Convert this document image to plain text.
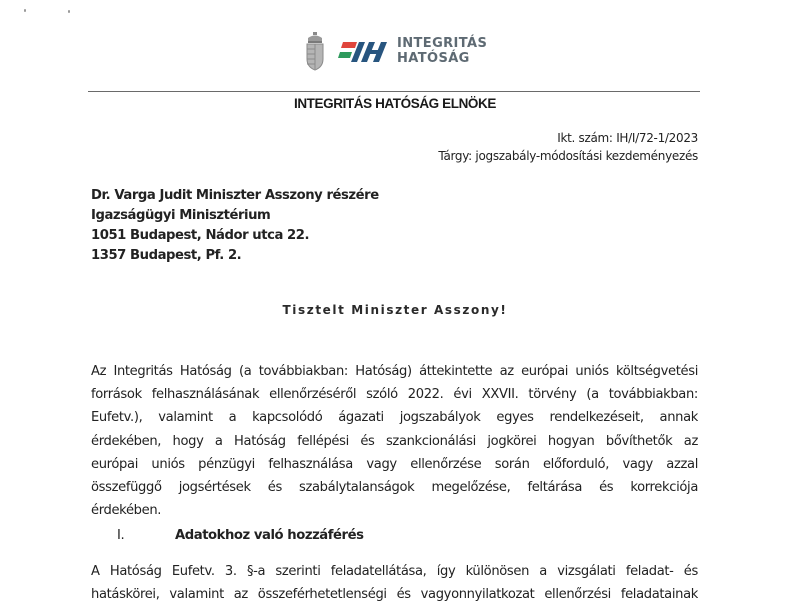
INTEGRITÁS
HATÓSÁG
INTEGRITÁS HATÓSÁG ELNÖKE
Ikt. szám: IH/I/72-1/2023
Tárgy: jogszabály-módosítási kezdeményezés
Dr. Varga Judit Miniszter Asszony részére
Igazságügyi Minisztérium
1051 Budapest, Nádor utca 22.
1357 Budapest, Pf. 2.
Tisztelt Miniszter Asszony!
Az Integritás Hatóság (a továbbiakban: Hatóság) áttekintette az európai uniós költségvetési
források felhasználásának ellenőrzéséről szóló 2022. évi XXVII. törvény (a továbbiakban:
Eufetv.), valamint a kapcsolódó ágazati jogszabályok egyes rendelkezéseit, annak
érdekében, hogy a Hatóság fellépési és szankcionálási jogkörei hogyan bővíthetők az
európai uniós pénzügyi felhasználása vagy ellenőrzése során előforduló, vagy azzal
összefüggő jogsértések és szabálytalanságok megelőzése, feltárása és korrekciója
érdekében.
I.	Adatokhoz való hozzáférés
A Hatóság Eufetv. 3. §-a szerinti feladatellátása, így különösen a vizsgálati feladat- és
hatáskörei, valamint az összeférhetetlenségi és vagyonnyilatkozat ellenőrzési feladatainak
